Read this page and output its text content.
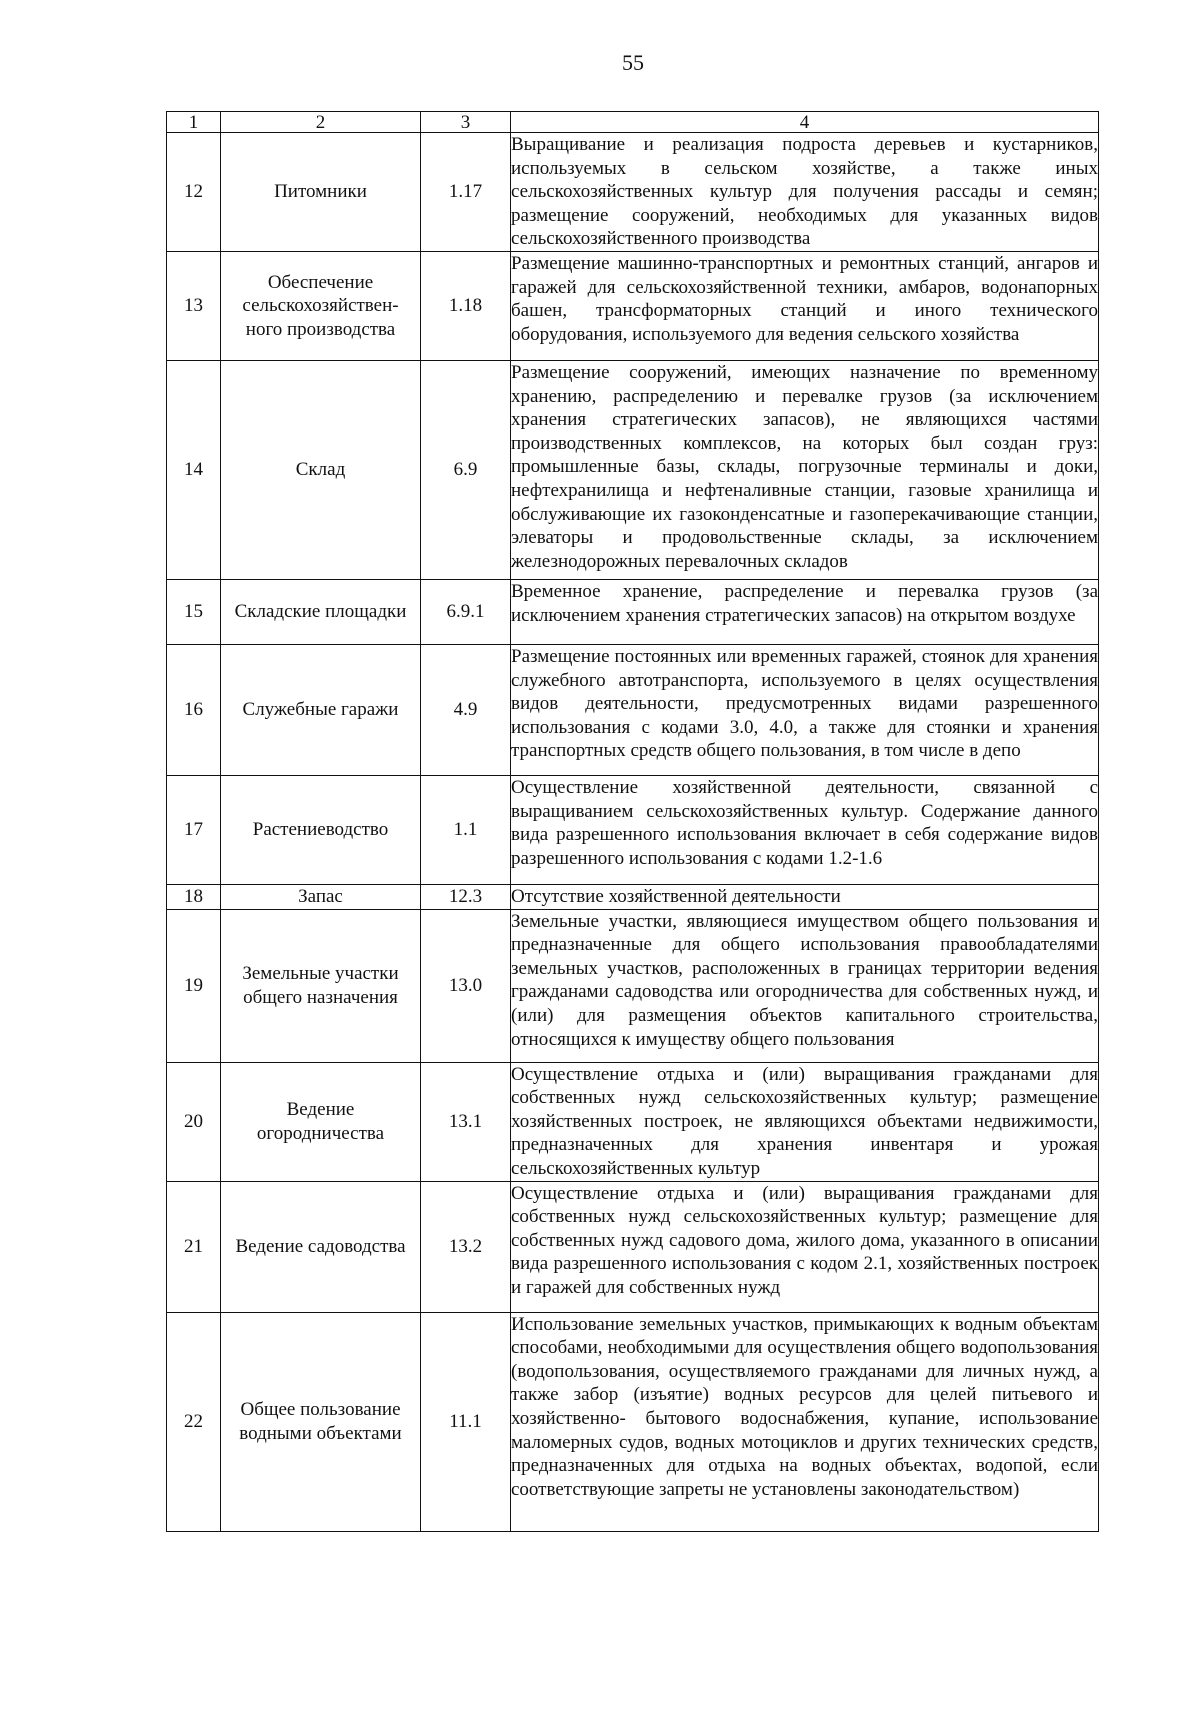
55
1	2	3	4

12	Питомники	1.17	Выращивание и реализация подроста деревьев и кустарников, используемых в сельском хозяйстве, а также иных сельскохозяйственных культур для получения рассады и семян; размещение сооружений, необходимых для указанных видов сельскохозяйственного производства

13	Обеспечение сельскохозяйствен-ного производства	1.18	Размещение машинно-транспортных и ремонтных станций, ангаров и гаражей для сельскохозяйственной техники, амбаров, водонапорных башен, трансформаторных станций и иного технического оборудования, используемого для ведения сельского хозяйства

14	Склад	6.9	Размещение сооружений, имеющих назначение по временному хранению, распределению и перевалке грузов (за исключением хранения стратегических запасов), не являющихся частями производственных комплексов, на которых был создан груз: промышленные базы, склады, погрузочные терминалы и доки, нефтехранилища и нефтеналивные станции, газовые хранилища и обслуживающие их газоконденсатные и газоперекачивающие станции, элеваторы и продовольственные склады, за исключением железнодорожных перевалочных складов

15	Складские площадки	6.9.1	Временное хранение, распределение и перевалка грузов (за исключением хранения стратегических запасов) на открытом воздухе

16	Служебные гаражи	4.9	Размещение постоянных или временных гаражей, стоянок для хранения служебного автотранспорта, используемого в целях осуществления видов деятельности, предусмотренных видами разрешенного использования с кодами 3.0, 4.0, а также для стоянки и хранения транспортных средств общего пользования, в том числе в депо

17	Растениеводство	1.1	Осуществление хозяйственной деятельности, связанной с выращиванием сельскохозяйственных культур. Содержание данного вида разрешенного использования включает в себя содержание видов разрешенного использования с кодами 1.2-1.6

18	Запас	12.3	Отсутствие хозяйственной деятельности

19	Земельные участки общего назначения	13.0	Земельные участки, являющиеся имуществом общего пользования и предназначенные для общего использования правообладателями земельных участков, расположенных в границах территории ведения гражданами садоводства или огородничества для собственных нужд, и (или) для размещения объектов капитального строительства, относящихся к имуществу общего пользования

20	Ведение огородничества	13.1	Осуществление отдыха и (или) выращивания гражданами для собственных нужд сельскохозяйственных культур; размещение хозяйственных построек, не являющихся объектами недвижимости, предназначенных для хранения инвентаря и урожая сельскохозяйственных культур

21	Ведение садоводства	13.2	Осуществление отдыха и (или) выращивания гражданами для собственных нужд сельскохозяйственных культур; размещение для собственных нужд садового дома, жилого дома, указанного в описании вида разрешенного использования с кодом 2.1, хозяйственных построек и гаражей для собственных нужд

22	Общее пользование водными объектами	11.1	Использование земельных участков, примыкающих к водным объектам способами, необходимыми для осуществления общего водопользования (водопользования, осуществляемого гражданами для личных нужд, а также забор (изъятие) водных ресурсов для целей питьевого и хозяйственно- бытового водоснабжения, купание, использование маломерных судов, водных мотоциклов и других технических средств, предназначенных для отдыха на водных объектах, водопой, если соответствующие запреты не установлены законодательством)
